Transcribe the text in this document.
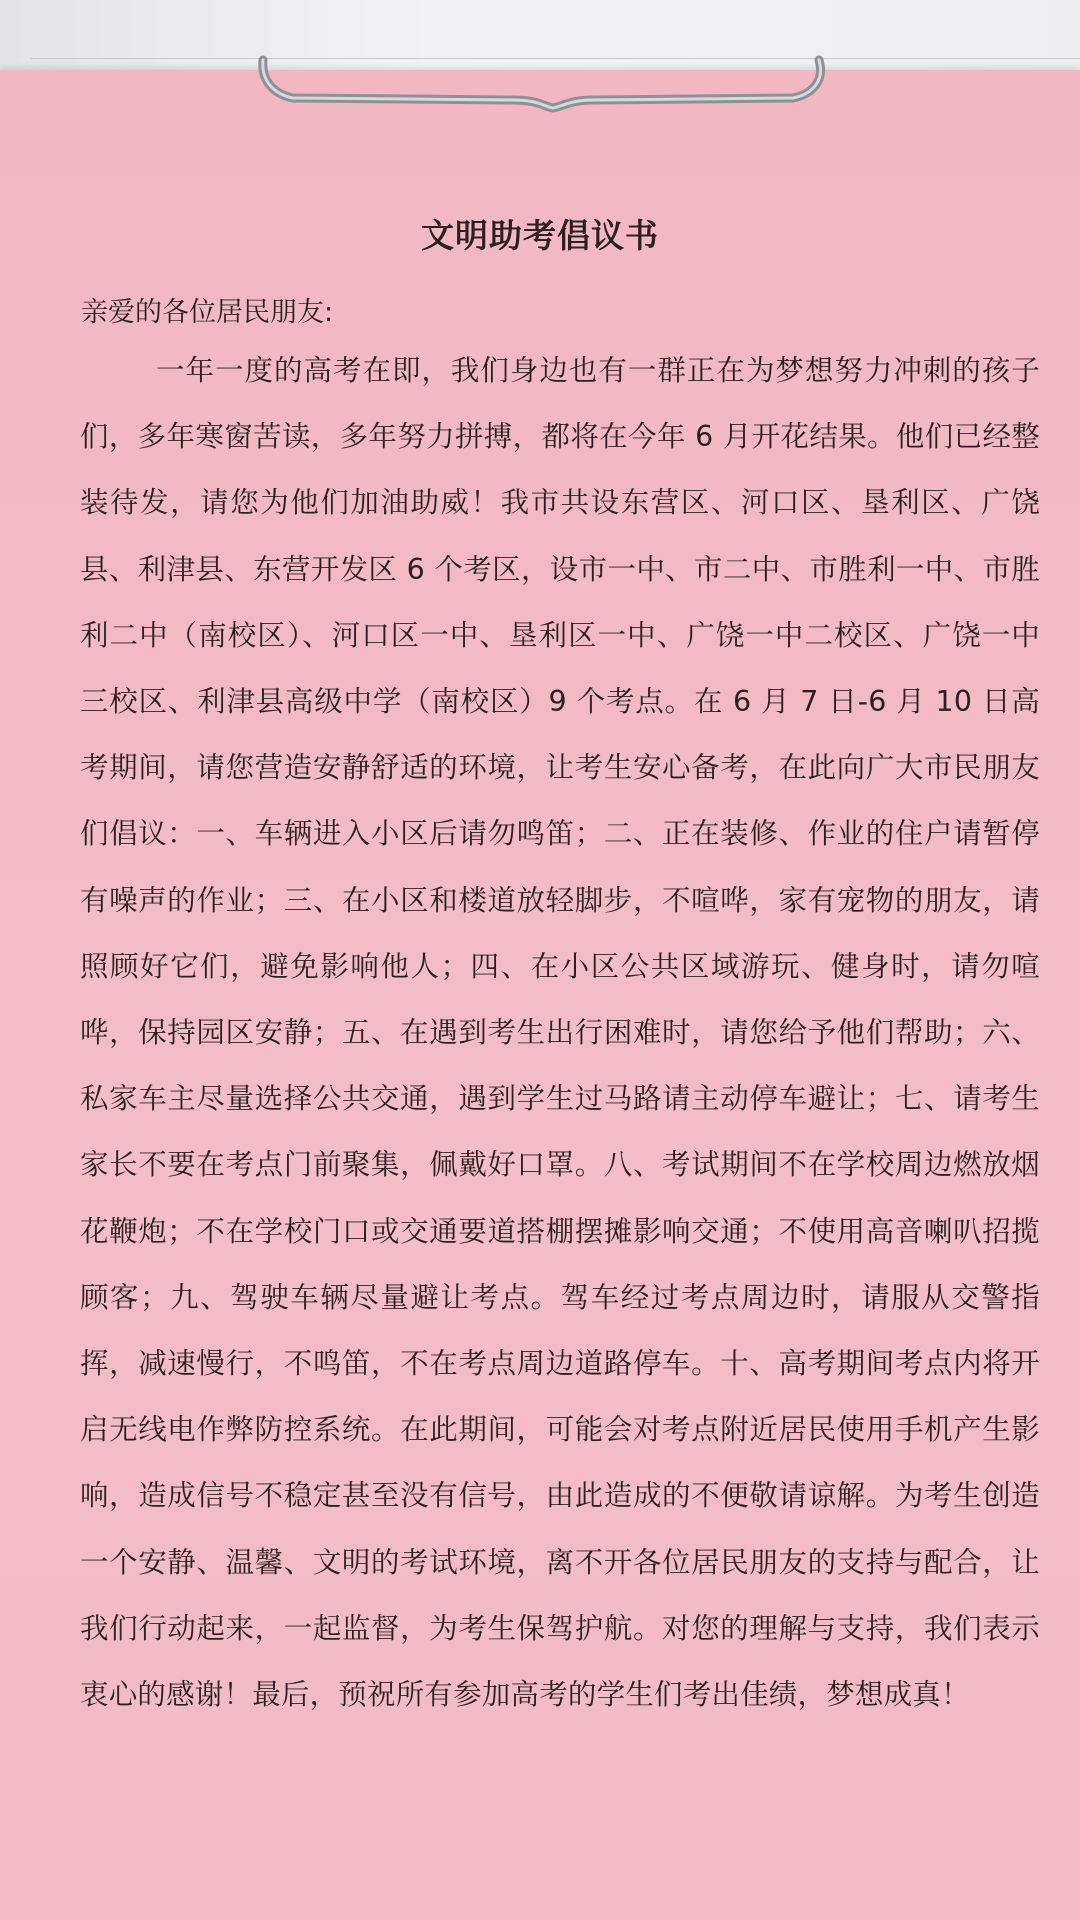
文明助考倡议书
亲爱的各位居民朋友:

一年一度的高考在即，我们身边也有一群正在为梦想努力冲刺的孩子们，多年寒窗苦读，多年努力拼搏，都将在今年 6 月开花结果。他们已经整装待发，请您为他们加油助威！我市共设东营区、河口区、垦利区、广饶县、利津县、东营开发区 6 个考区，设市一中、市二中、市胜利一中、市胜利二中（南校区）、河口区一中、垦利区一中、广饶一中二校区、广饶一中三校区、利津县高级中学（南校区）9 个考点。在 6 月 7 日-6 月 10 日高考期间，请您营造安静舒适的环境，让考生安心备考，在此向广大市民朋友们倡议：一、车辆进入小区后请勿鸣笛；二、正在装修、作业的住户请暂停有噪声的作业；三、在小区和楼道放轻脚步，不喧哗，家有宠物的朋友，请照顾好它们，避免影响他人；四、在小区公共区域游玩、健身时，请勿喧哗，保持园区安静；五、在遇到考生出行困难时，请您给予他们帮助；六、私家车主尽量选择公共交通，遇到学生过马路请主动停车避让；七、请考生家长不要在考点门前聚集，佩戴好口罩。八、考试期间不在学校周边燃放烟花鞭炮；不在学校门口或交通要道搭棚摆摊影响交通；不使用高音喇叭招揽顾客；九、驾驶车辆尽量避让考点。驾车经过考点周边时，请服从交警指挥，减速慢行，不鸣笛，不在考点周边道路停车。十、高考期间考点内将开启无线电作弊防控系统。在此期间，可能会对考点附近居民使用手机产生影响，造成信号不稳定甚至没有信号，由此造成的不便敬请谅解。为考生创造一个安静、温馨、文明的考试环境，离不开各位居民朋友的支持与配合，让我们行动起来，一起监督，为考生保驾护航。对您的理解与支持，我们表示衷心的感谢！最后，预祝所有参加高考的学生们考出佳绩，梦想成真！
